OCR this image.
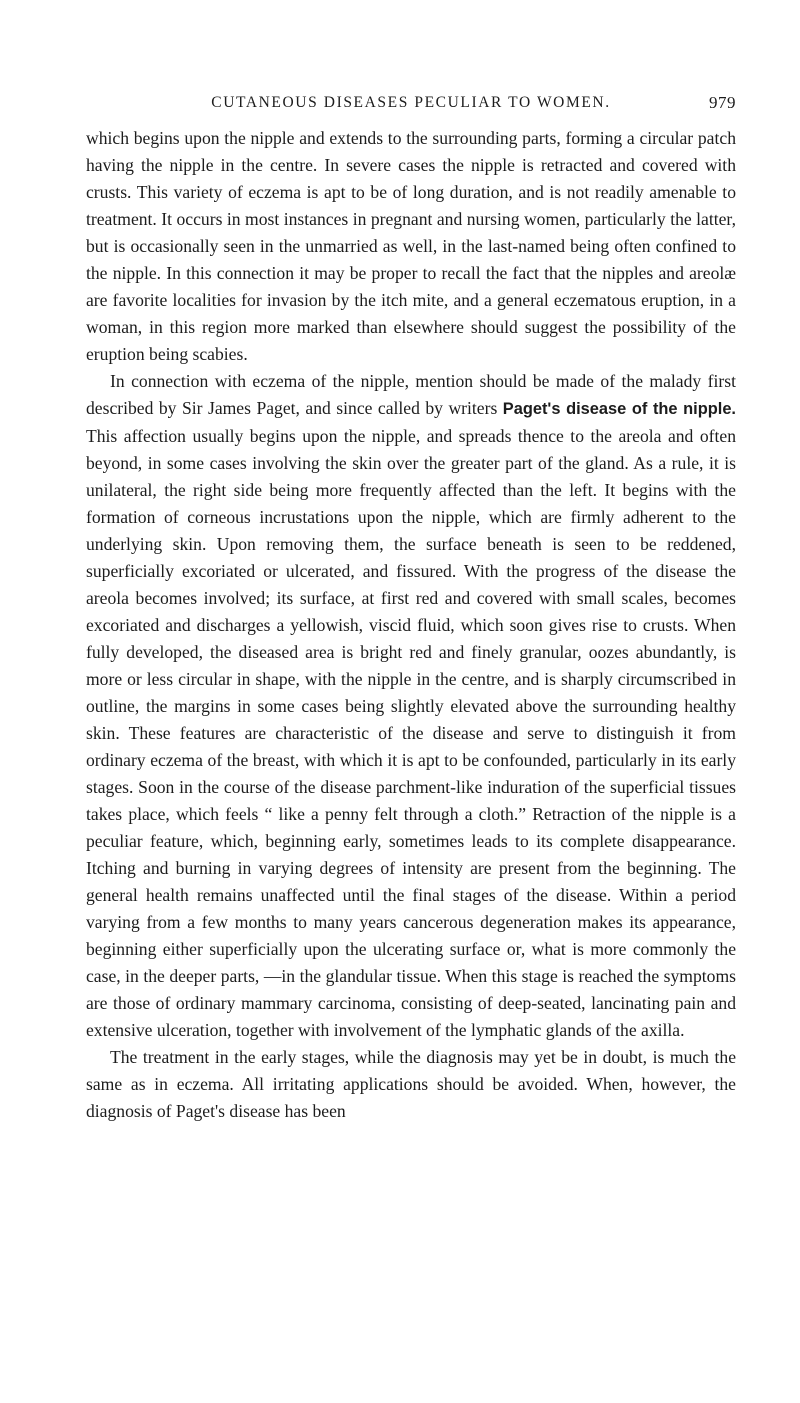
CUTANEOUS DISEASES PECULIAR TO WOMEN.	979

which begins upon the nipple and extends to the surrounding parts, forming a circular patch having the nipple in the centre. In severe cases the nipple is retracted and covered with crusts. This variety of eczema is apt to be of long duration, and is not readily amenable to treatment. It occurs in most instances in pregnant and nursing women, particularly the latter, but is occasionally seen in the unmarried as well, in the last-named being often confined to the nipple. In this connection it may be proper to recall the fact that the nipples and areolæ are favorite localities for invasion by the itch mite, and a general eczematous eruption, in a woman, in this region more marked than elsewhere should suggest the possibility of the eruption being scabies.

In connection with eczema of the nipple, mention should be made of the malady first described by Sir James Paget, and since called by writers Paget's disease of the nipple. This affection usually begins upon the nipple, and spreads thence to the areola and often beyond, in some cases involving the skin over the greater part of the gland. As a rule, it is unilateral, the right side being more frequently affected than the left. It begins with the formation of corneous incrustations upon the nipple, which are firmly adherent to the underlying skin. Upon removing them, the surface beneath is seen to be reddened, superficially excoriated or ulcerated, and fissured. With the progress of the disease the areola becomes involved; its surface, at first red and covered with small scales, becomes excoriated and discharges a yellowish, viscid fluid, which soon gives rise to crusts. When fully developed, the diseased area is bright red and finely granular, oozes abundantly, is more or less circular in shape, with the nipple in the centre, and is sharply circumscribed in outline, the margins in some cases being slightly elevated above the surrounding healthy skin. These features are characteristic of the disease and serve to distinguish it from ordinary eczema of the breast, with which it is apt to be confounded, particularly in its early stages. Soon in the course of the disease parchment-like induration of the superficial tissues takes place, which feels “ like a penny felt through a cloth.” Retraction of the nipple is a peculiar feature, which, beginning early, sometimes leads to its complete disappearance. Itching and burning in varying degrees of intensity are present from the beginning. The general health remains unaffected until the final stages of the disease. Within a period varying from a few months to many years cancerous degeneration makes its appearance, beginning either superficially upon the ulcerating surface or, what is more commonly the case, in the deeper parts, —in the glandular tissue. When this stage is reached the symptoms are those of ordinary mammary carcinoma, consisting of deep-seated, lancinating pain and extensive ulceration, together with involvement of the lymphatic glands of the axilla.

The treatment in the early stages, while the diagnosis may yet be in doubt, is much the same as in eczema. All irritating applications should be avoided. When, however, the diagnosis of Paget's disease has been
